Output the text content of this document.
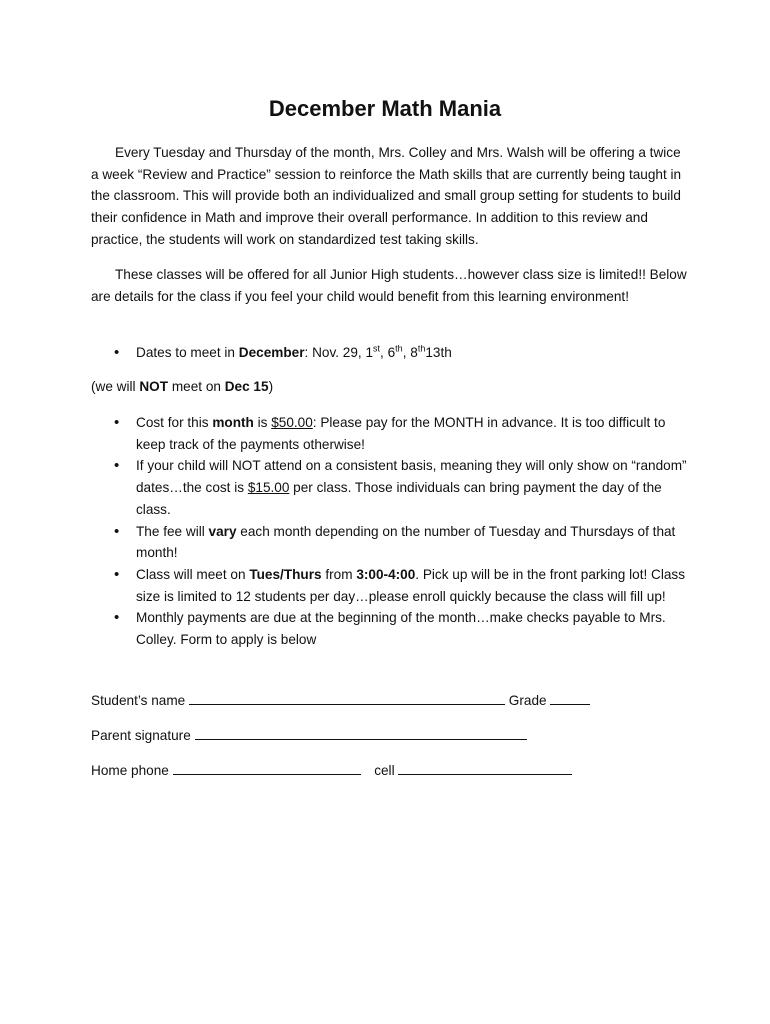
December Math Mania
Every Tuesday and Thursday of the month, Mrs. Colley and Mrs. Walsh will be offering a twice a week “Review and Practice” session to reinforce the Math skills that are currently being taught in the classroom. This will provide both an individualized and small group setting for students to build their confidence in Math and improve their overall performance. In addition to this review and practice, the students will work on standardized test taking skills.
These classes will be offered for all Junior High students…however class size is limited!! Below are details for the class if you feel your child would benefit from this learning environment!
• Dates to meet in December: Nov. 29, 1st, 6th, 8th13th
(we will NOT meet on Dec 15)
• Cost for this month is $50.00: Please pay for the MONTH in advance. It is too difficult to keep track of the payments otherwise!
• If your child will NOT attend on a consistent basis, meaning they will only show on “random” dates…the cost is $15.00 per class. Those individuals can bring payment the day of the class.
• The fee will vary each month depending on the number of Tuesday and Thursdays of that month!
• Class will meet on Tues/Thurs from 3:00-4:00. Pick up will be in the front parking lot! Class size is limited to 12 students per day…please enroll quickly because the class will fill up!
• Monthly payments are due at the beginning of the month…make checks payable to Mrs. Colley. Form to apply is below
Student’s name	Grade
Parent signature
Home phone	cell
